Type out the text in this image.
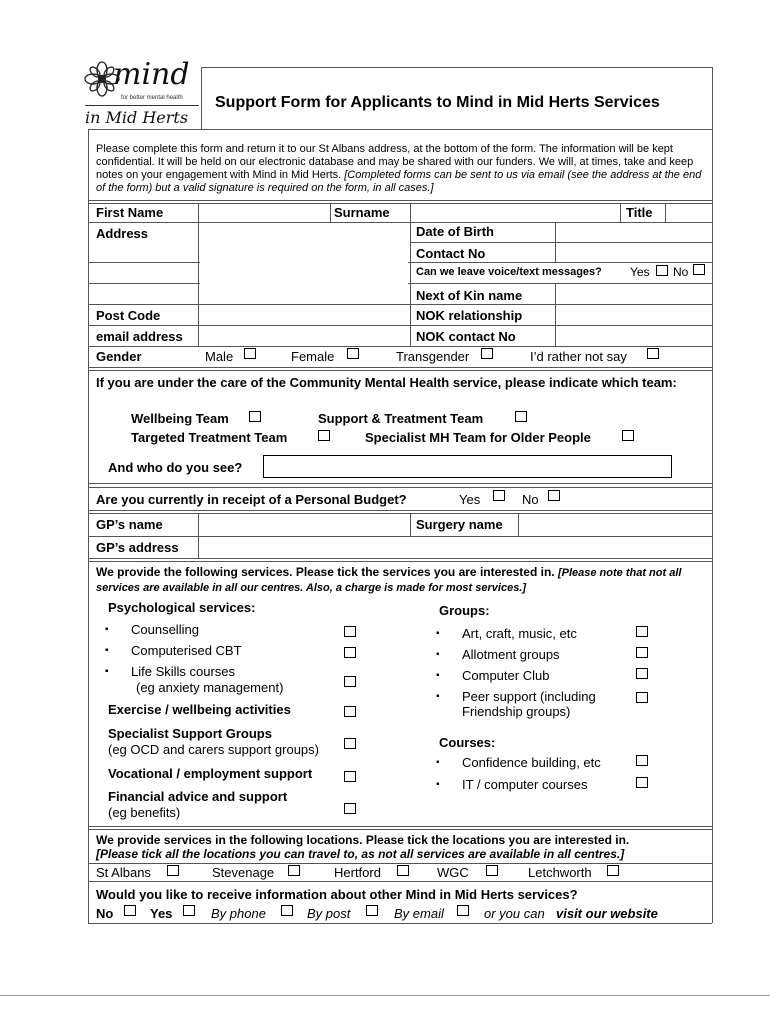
mind
for better mental health
in Mid Herts
Support Form for Applicants to Mind in Mid Herts Services
Please complete this form and return it to our St Albans address, at the bottom of the form. The information will be kept confidential. It will be held on our electronic database and may be shared with our funders. We will, at times, take and keep notes on your engagement with Mind in Mid Herts. [Completed forms can be sent to us via email (see the address at the end of the form) but a valid signature is required on the form, in all cases.]
First Name	Surname	Title
Address	Date of Birth
Contact No
Can we leave voice/text messages? Yes No
Next of Kin name
Post Code	NOK relationship
email address	NOK contact No
Gender	Male	Female	Transgender	I’d rather not say
If you are under the care of the Community Mental Health service, please indicate which team:
Wellbeing Team	Support & Treatment Team
Targeted Treatment Team	Specialist MH Team for Older People
And who do you see?
Are you currently in receipt of a Personal Budget?	Yes	No
GP’s name	Surgery name
GP’s address
We provide the following services. Please tick the services you are interested in. [Please note that not all services are available in all our centres. Also, a charge is made for most services.]
Psychological services:
▪ Counselling
▪ Computerised CBT
▪ Life Skills courses
(eg anxiety management)
Exercise / wellbeing activities
Specialist Support Groups
(eg OCD and carers support groups)
Vocational / employment support
Financial advice and support
(eg benefits)
Groups:
▪ Art, craft, music, etc
▪ Allotment groups
▪ Computer Club
▪ Peer support (including
Friendship groups)
Courses:
▪ Confidence building, etc
▪ IT / computer courses
We provide services in the following locations. Please tick the locations you are interested in.
[Please tick all the locations you can travel to, as not all services are available in all centres.]
St Albans	Stevenage	Hertford	WGC	Letchworth
Would you like to receive information about other Mind in Mid Herts services?
No	Yes	By phone	By post	By email	or you can visit our website
